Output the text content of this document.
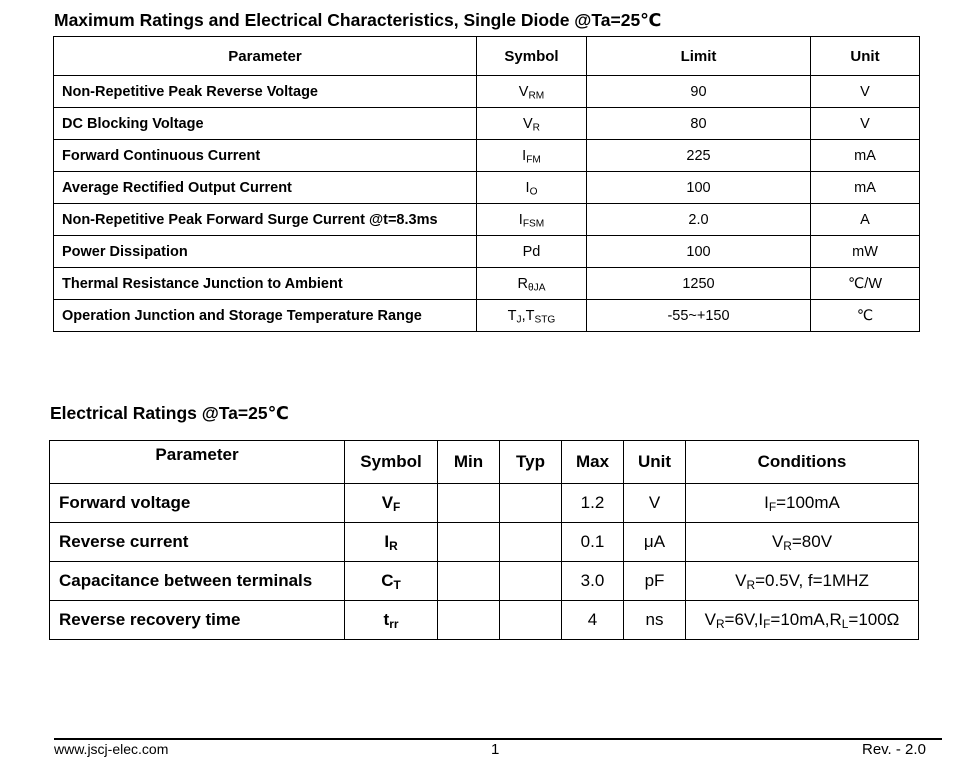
Maximum Ratings and Electrical Characteristics, Single Diode @Ta=25℃
Parameter	Symbol	Limit	Unit
Non-Repetitive Peak Reverse Voltage	$V_{RM}$	90	V
DC Blocking Voltage	$V_R$	80	V
Forward Continuous Current	$I_{FM}$	225	mA
Average Rectified Output Current	$I_O$	100	mA
Non-Repetitive Peak Forward Surge Current @t=8.3ms	$I_{FSM}$	2.0	A
Power Dissipation	Pd	100	mW
Thermal Resistance Junction to Ambient	$R_{\theta JA}$	1250	℃/W
Operation Junction and Storage Temperature Range	$T_J,T_{STG}$	-55~+150	℃
Electrical Ratings @Ta=25℃
Parameter	Symbol	Min	Typ	Max	Unit	Conditions
Forward voltage	$V_F$			1.2	V	$I_F=100mA$
Reverse current	$I_R$			0.1	μA	$V_R=80V$
Capacitance between terminals	$C_T$			3.0	pF	$V_R=0.5V$, f=1MHZ
Reverse recovery time	$t_{rr}$			4	ns	$V_R=6V,I_F=10mA,R_L=100\Omega$
www.jscj-elec.com	1	Rev. - 2.0
